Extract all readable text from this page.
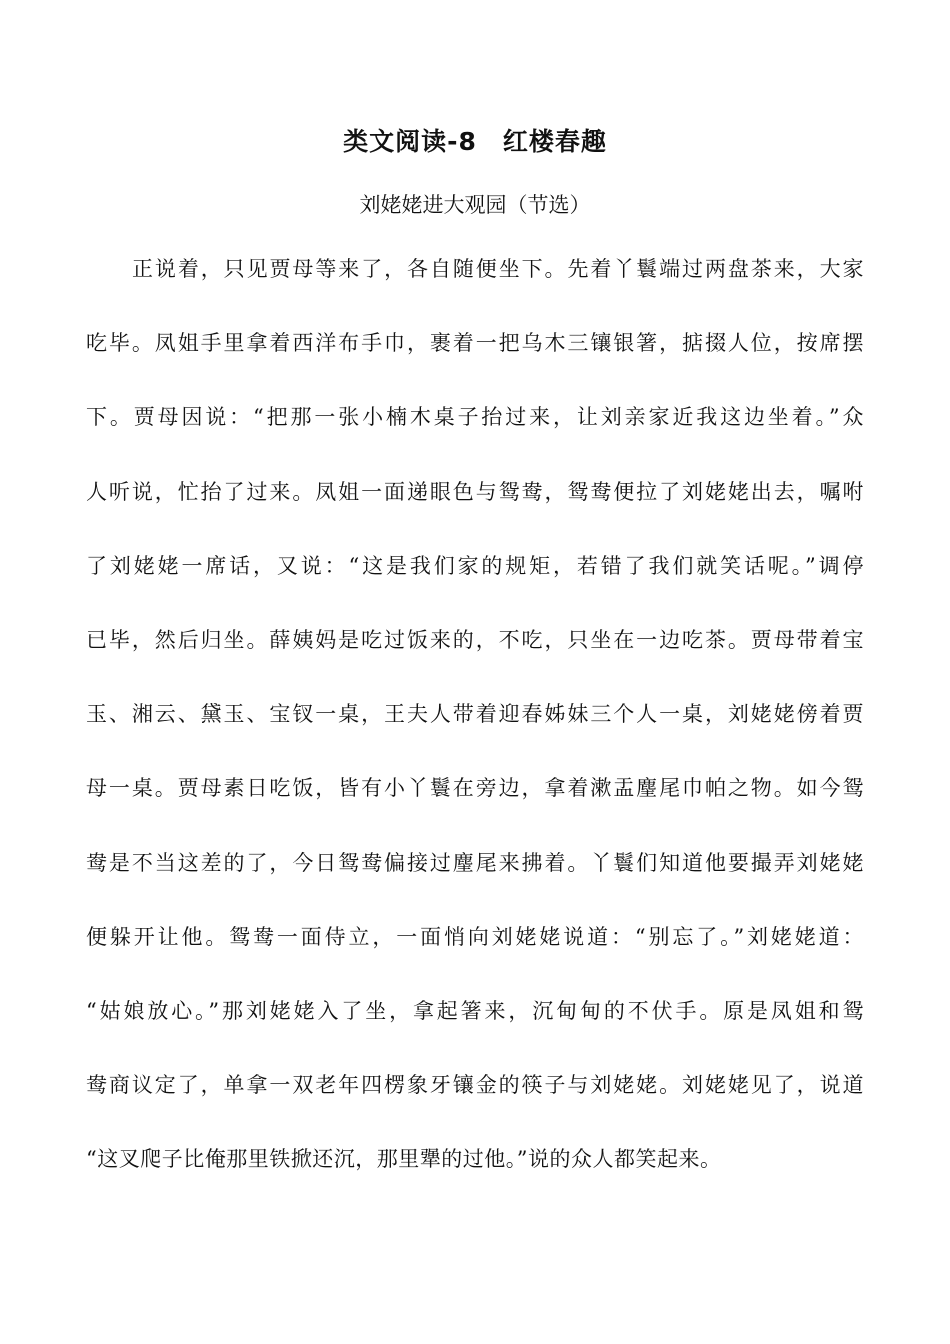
类文阅读-8　红楼春趣
刘姥姥进大观园（节选）
正说着，只见贾母等来了，各自随便坐下。先着丫鬟端过两盘茶来，大家
吃毕。凤姐手里拿着西洋布手巾，裹着一把乌木三镶银箸，掂掇人位，按席摆
下。贾母因说：“把那一张小楠木桌子抬过来，让刘亲家近我这边坐着。”众
人听说，忙抬了过来。凤姐一面递眼色与鸳鸯，鸳鸯便拉了刘姥姥出去，嘱咐
了刘姥姥一席话，又说：“这是我们家的规矩，若错了我们就笑话呢。”调停
已毕，然后归坐。薛姨妈是吃过饭来的，不吃，只坐在一边吃茶。贾母带着宝
玉、湘云、黛玉、宝钗一桌，王夫人带着迎春姊妹三个人一桌，刘姥姥傍着贾
母一桌。贾母素日吃饭，皆有小丫鬟在旁边，拿着漱盂麈尾巾帕之物。如今鸳
鸯是不当这差的了，今日鸳鸯偏接过麈尾来拂着。丫鬟们知道他要撮弄刘姥姥
便躲开让他。鸳鸯一面侍立，一面悄向刘姥姥说道：“别忘了。”刘姥姥道：
“姑娘放心。”那刘姥姥入了坐，拿起箸来，沉甸甸的不伏手。原是凤姐和鸳
鸯商议定了，单拿一双老年四楞象牙镶金的筷子与刘姥姥。刘姥姥见了，说道
“这叉爬子比俺那里铁掀还沉，那里犟的过他。”说的众人都笑起来。
